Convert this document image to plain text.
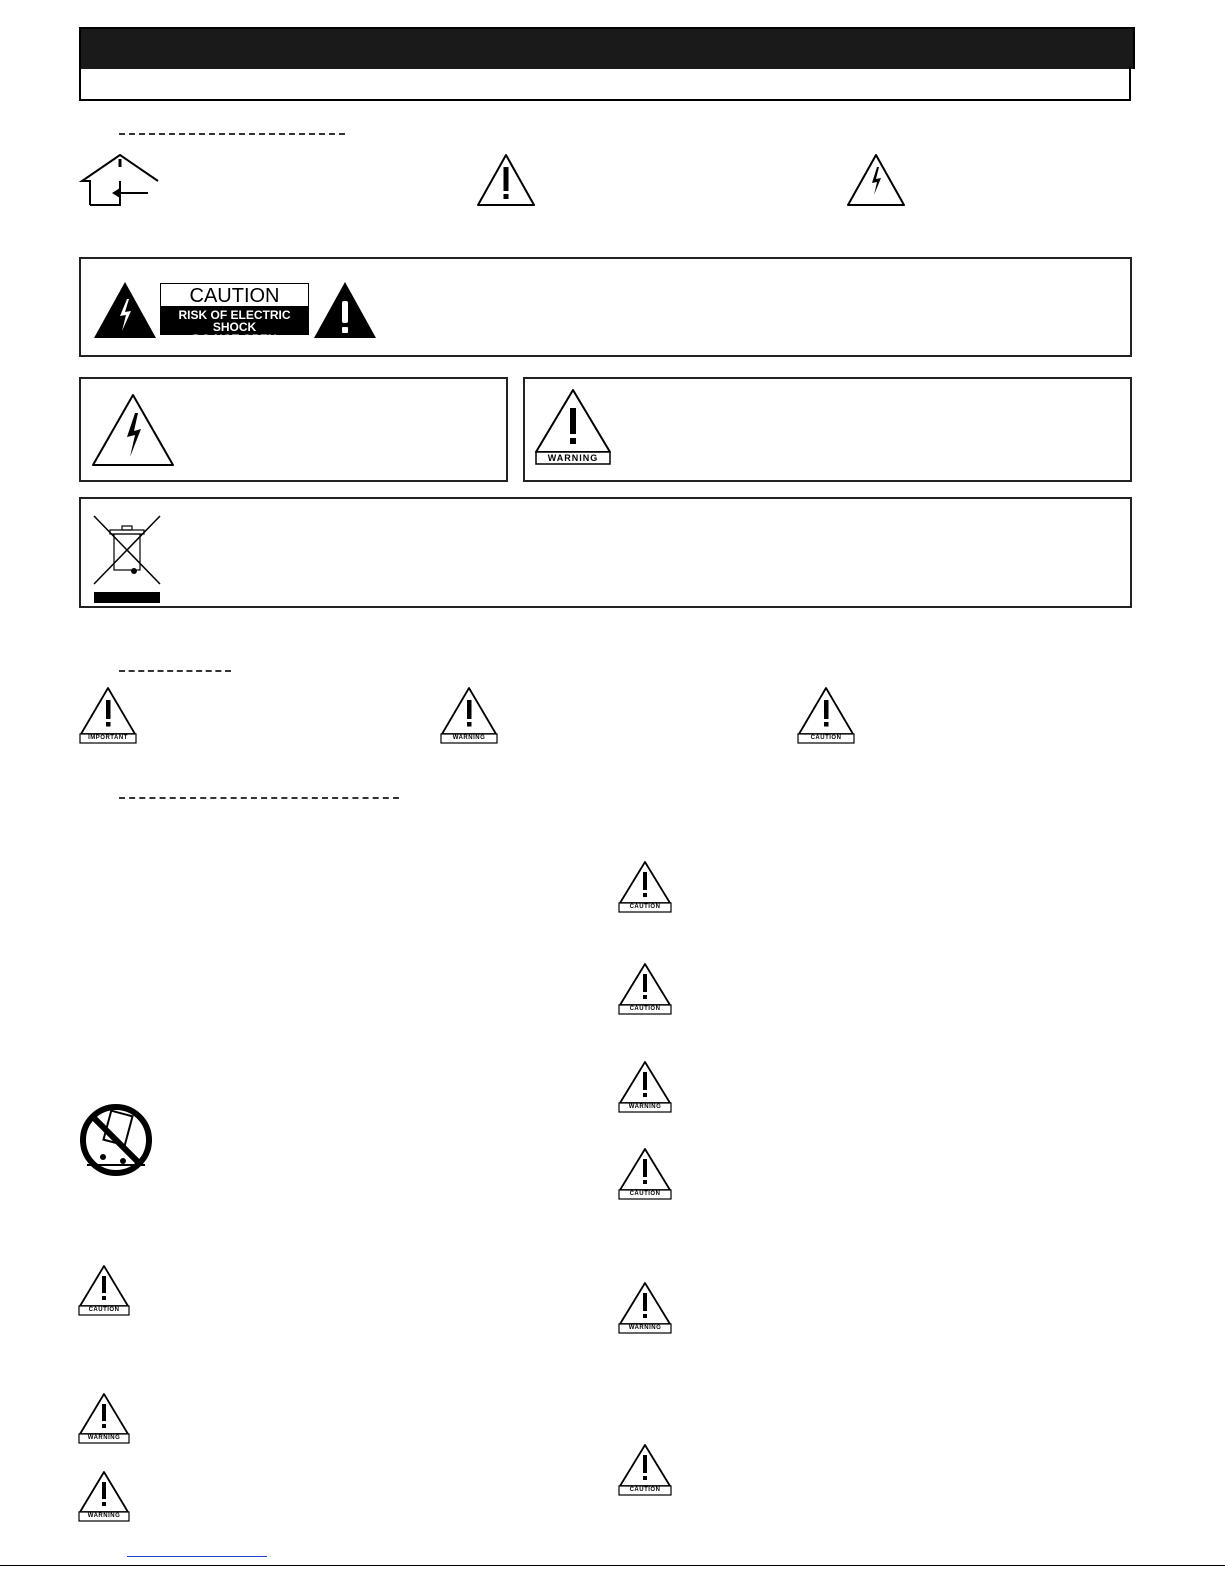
CAUTION
RISK OF ELECTRIC SHOCK
DO NOT OPEN
WARNING
IMPORTANT	WARNING	CAUTION
CAUTION
WARNING
WARNING
CAUTION
CAUTION
WARNING
CAUTION
WARNING
CAUTION
